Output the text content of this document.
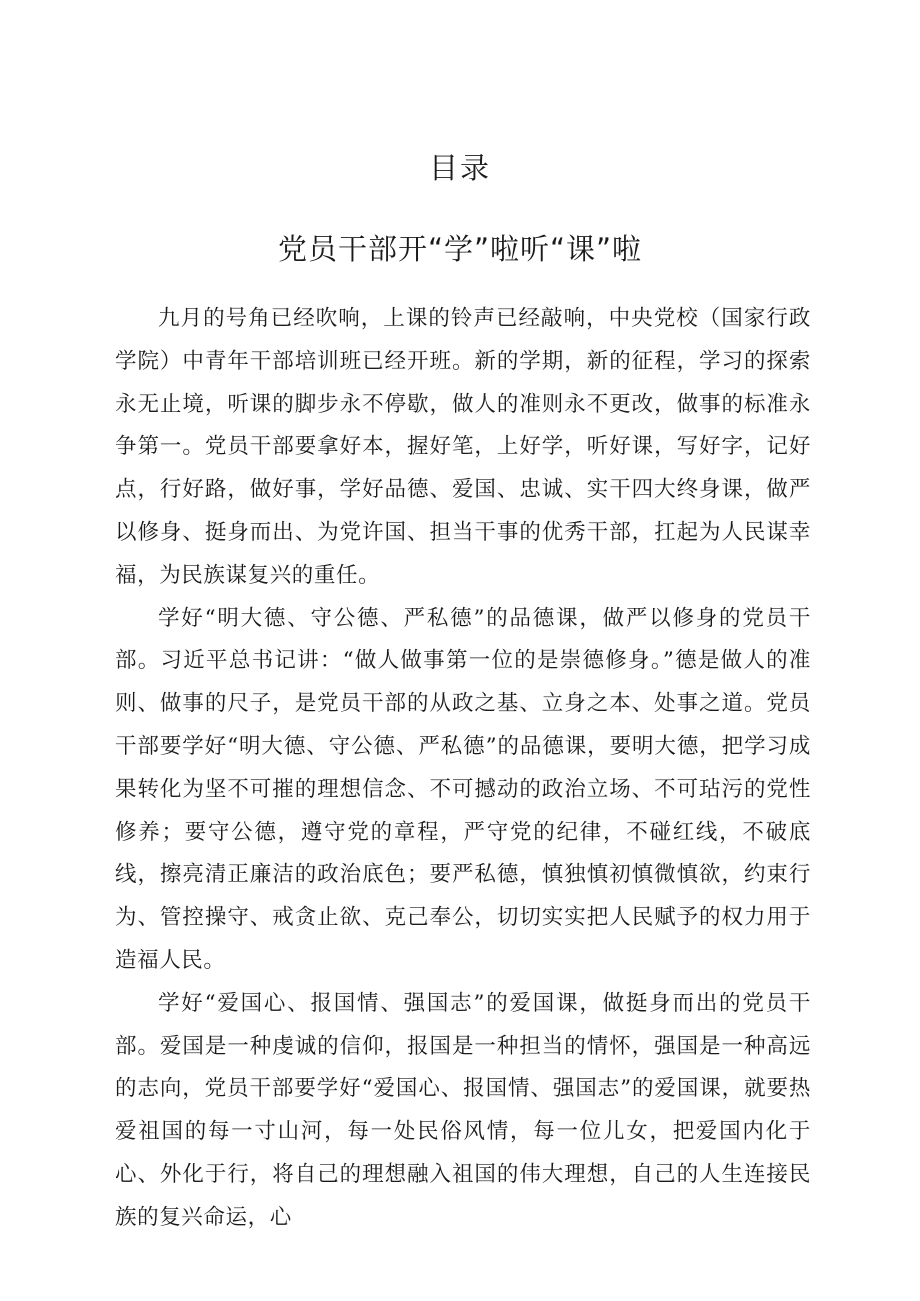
目录
党员干部开“学”啦听“课”啦

九月的号角已经吹响，上课的铃声已经敲响，中央党校（国家行政学院）中青年干部培训班已经开班。新的学期，新的征程，学习的探索永无止境，听课的脚步永不停歇，做人的准则永不更改，做事的标准永争第一。党员干部要拿好本，握好笔，上好学，听好课，写好字，记好点，行好路，做好事，学好品德、爱国、忠诚、实干四大终身课，做严以修身、挺身而出、为党许国、担当干事的优秀干部，扛起为人民谋幸福，为民族谋复兴的重任。

学好“明大德、守公德、严私德”的品德课，做严以修身的党员干部。习近平总书记讲：“做人做事第一位的是崇德修身。”德是做人的准则、做事的尺子，是党员干部的从政之基、立身之本、处事之道。党员干部要学好“明大德、守公德、严私德”的品德课，要明大德，把学习成果转化为坚不可摧的理想信念、不可撼动的政治立场、不可玷污的党性修养；要守公德，遵守党的章程，严守党的纪律，不碰红线，不破底线，擦亮清正廉洁的政治底色；要严私德，慎独慎初慎微慎欲，约束行为、管控操守、戒贪止欲、克己奉公，切切实实把人民赋予的权力用于造福人民。

学好“爱国心、报国情、强国志”的爱国课，做挺身而出的党员干部。爱国是一种虔诚的信仰，报国是一种担当的情怀，强国是一种高远的志向，党员干部要学好“爱国心、报国情、强国志”的爱国课，就要热爱祖国的每一寸山河，每一处民俗风情，每一位儿女，把爱国内化于心、外化于行，将自己的理想融入祖国的伟大理想，自己的人生连接民族的复兴命运，心
